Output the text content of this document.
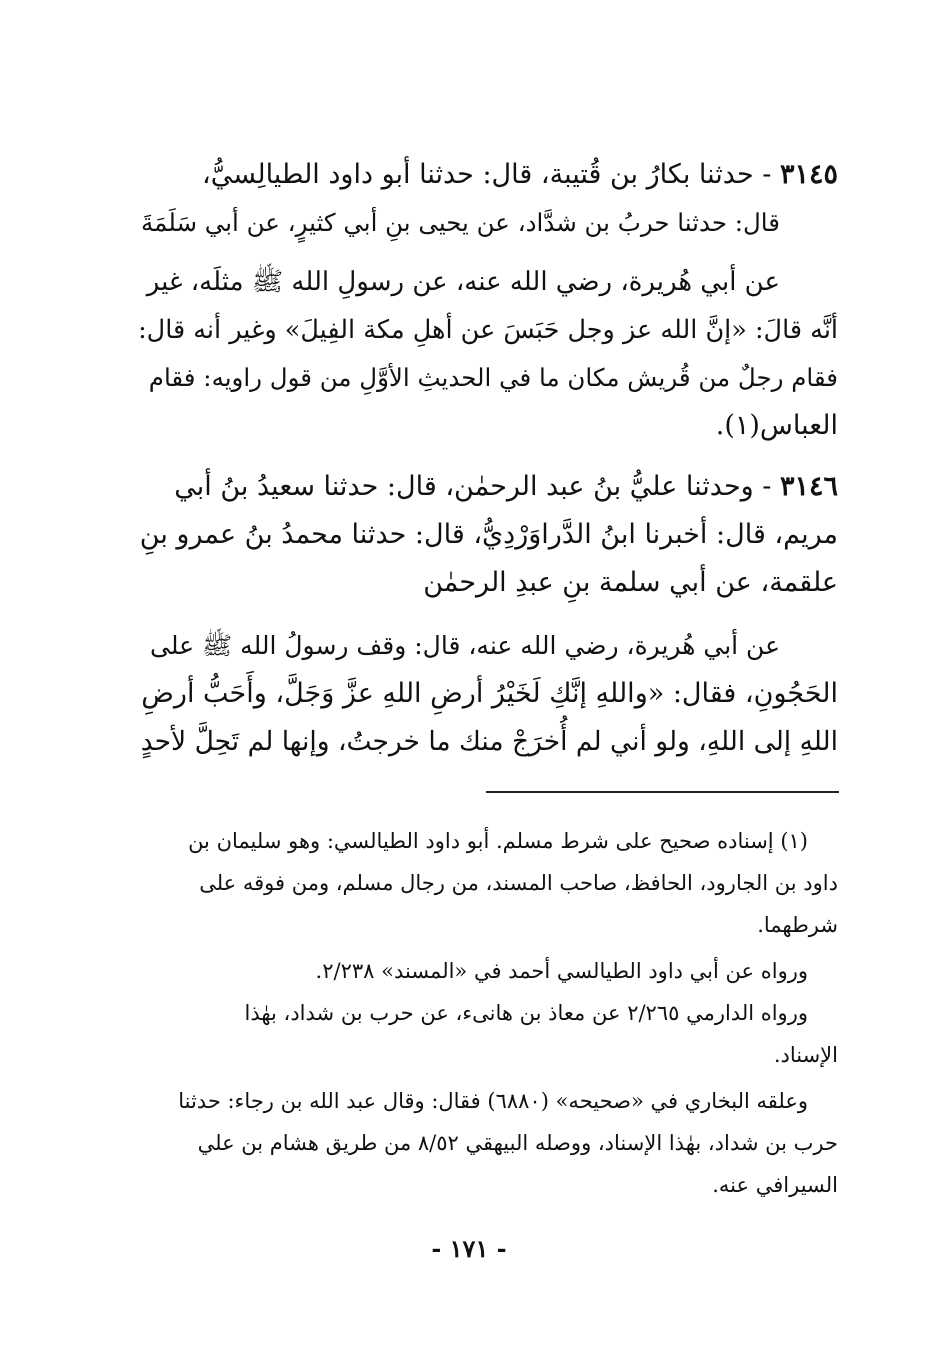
٣١٤٥ - حدثنا بكارُ بن قُتيبة، قال: حدثنا أبو داود الطيالِسيُّ،
قال: حدثنا حربُ بن شدَّاد، عن يحيى بنِ أبي كثيرٍ، عن أبي سَلَمَةَ
عن أبي هُريرة، رضي الله عنه، عن رسولِ الله ﷺ مثلَه، غير
أنَّه قالَ: «إنَّ الله عز وجل حَبَسَ عن أهلِ مكة الفِيلَ» وغير أنه قال:
فقام رجلٌ من قُريش مكان ما في الحديثِ الأوَّلِ من قول راويه: فقام
العباس(١).
٣١٤٦ - وحدثنا عليُّ بنُ عبد الرحمٰن، قال: حدثنا سعيدُ بنُ أبي
مريم، قال: أخبرنا ابنُ الدَّراوَرْدِيُّ، قال: حدثنا محمدُ بنُ عمرو بنِ
علقمة، عن أبي سلمة بنِ عبدِ الرحمٰن
عن أبي هُريرة، رضي الله عنه، قال: وقف رسولُ الله ﷺ على
الحَجُونِ، فقال: «واللهِ إنَّكِ لَخَيْرُ أرضِ اللهِ عزَّ وَجَلَّ، وأَحَبُّ أرضِ
اللهِ إلى اللهِ، ولو أني لم أُخرَجْ منك ما خرجتُ، وإنها لم تَحِلَّ لأحدٍ
(١) إسناده صحيح على شرط مسلم. أبو داود الطيالسي: وهو سليمان بن
داود بن الجارود، الحافظ، صاحب المسند، من رجال مسلم، ومن فوقه على
شرطهما.
ورواه عن أبي داود الطيالسي أحمد في «المسند» ٢/٢٣٨.
ورواه الدارمي ٢/٢٦٥ عن معاذ بن هانىء، عن حرب بن شداد، بهٰذا
الإسناد.
وعلقه البخاري في «صحيحه» (٦٨٨٠) فقال: وقال عبد الله بن رجاء: حدثنا
حرب بن شداد، بهٰذا الإسناد، ووصله البيهقي ٨/٥٢ من طريق هشام بن علي
السيرافي عنه.
- ١٧١ -
